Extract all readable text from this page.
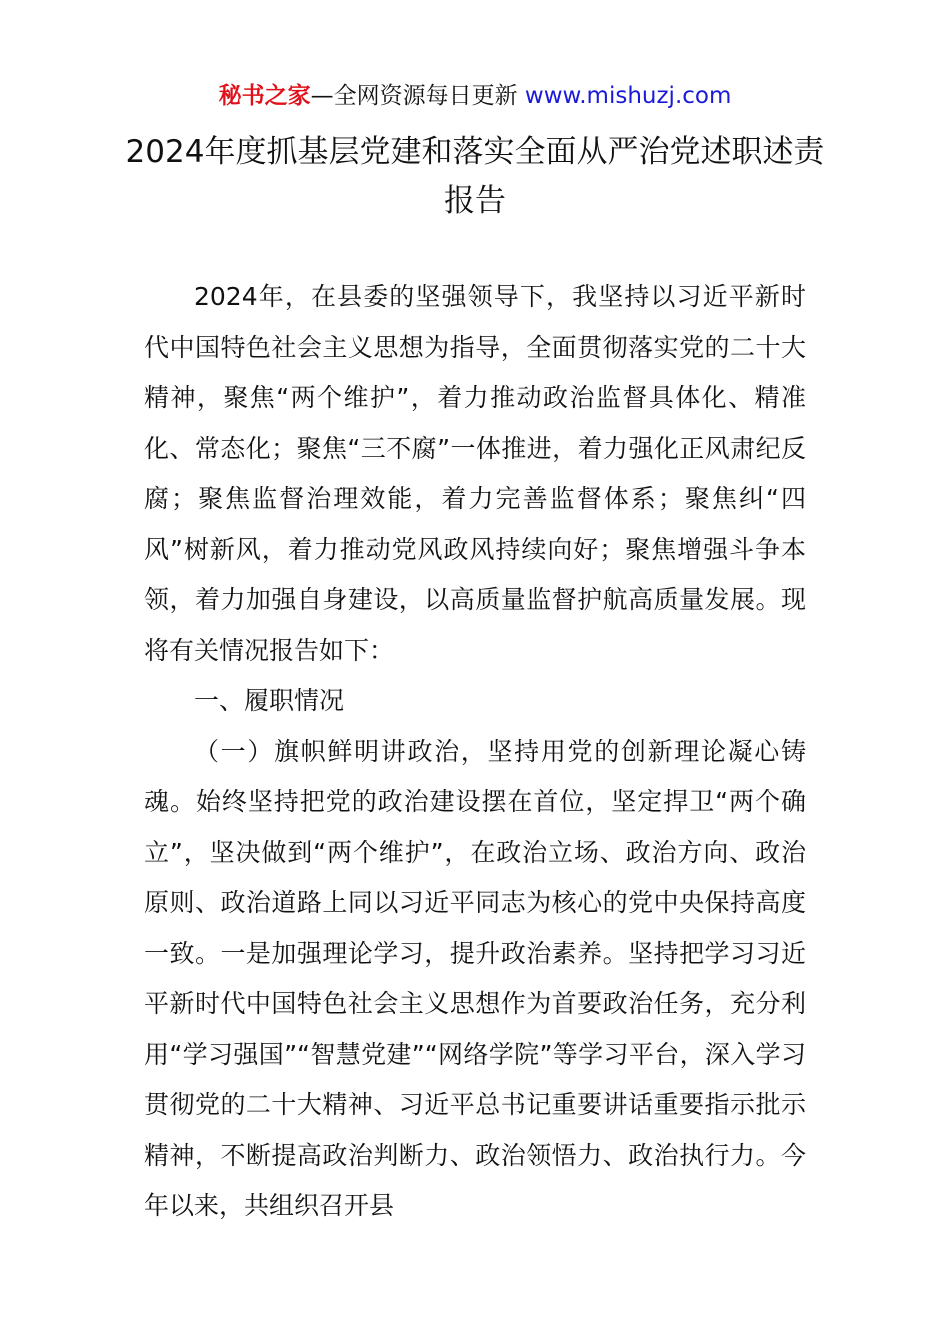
秘书之家—全网资源每日更新 www.mishuzj.com
2024年度抓基层党建和落实全面从严治党述职述责报告

2024年，在县委的坚强领导下，我坚持以习近平新时代中国特色社会主义思想为指导，全面贯彻落实党的二十大精神，聚焦“两个维护”，着力推动政治监督具体化、精准化、常态化；聚焦“三不腐”一体推进，着力强化正风肃纪反腐；聚焦监督治理效能，着力完善监督体系；聚焦纠“四风”树新风，着力推动党风政风持续向好；聚焦增强斗争本领，着力加强自身建设，以高质量监督护航高质量发展。现将有关情况报告如下：

一、履职情况

（一）旗帜鲜明讲政治，坚持用党的创新理论凝心铸魂。始终坚持把党的政治建设摆在首位，坚定捍卫“两个确立”，坚决做到“两个维护”，在政治立场、政治方向、政治原则、政治道路上同以习近平同志为核心的党中央保持高度一致。一是加强理论学习，提升政治素养。坚持把学习习近平新时代中国特色社会主义思想作为首要政治任务，充分利用“学习强国”“智慧党建”“网络学院”等学习平台，深入学习贯彻党的二十大精神、习近平总书记重要讲话重要指示批示精神，不断提高政治判断力、政治领悟力、政治执行力。今年以来，共组织召开县
